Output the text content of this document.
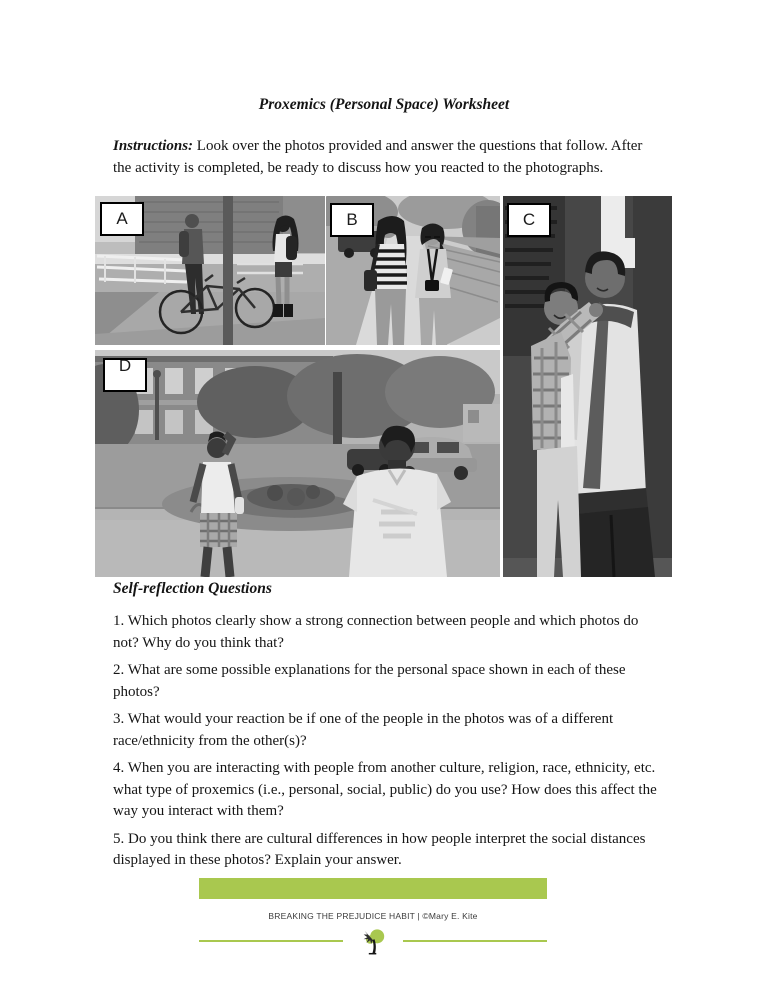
Proxemics (Personal Space) Worksheet

Instructions: Look over the photos provided and answer the questions that follow. After the activity is completed, be ready to discuss how you reacted to the photographs.

A	B	C
D
Self-reflection Questions

1. Which photos clearly show a strong connection between people and which photos do not? Why do you think that?

2. What are some possible explanations for the personal space shown in each of these photos?

3. What would your reaction be if one of the people in the photos was of a different race/ethnicity from the other(s)?

4. When you are interacting with people from another culture, religion, race, ethnicity, etc. what type of proxemics (i.e., personal, social, public) do you use? How does this affect the way you interact with them?

5. Do you think there are cultural differences in how people interpret the social distances displayed in these photos? Explain your answer.

BREAKING THE PREJUDICE HABIT | ©Mary E. Kite
